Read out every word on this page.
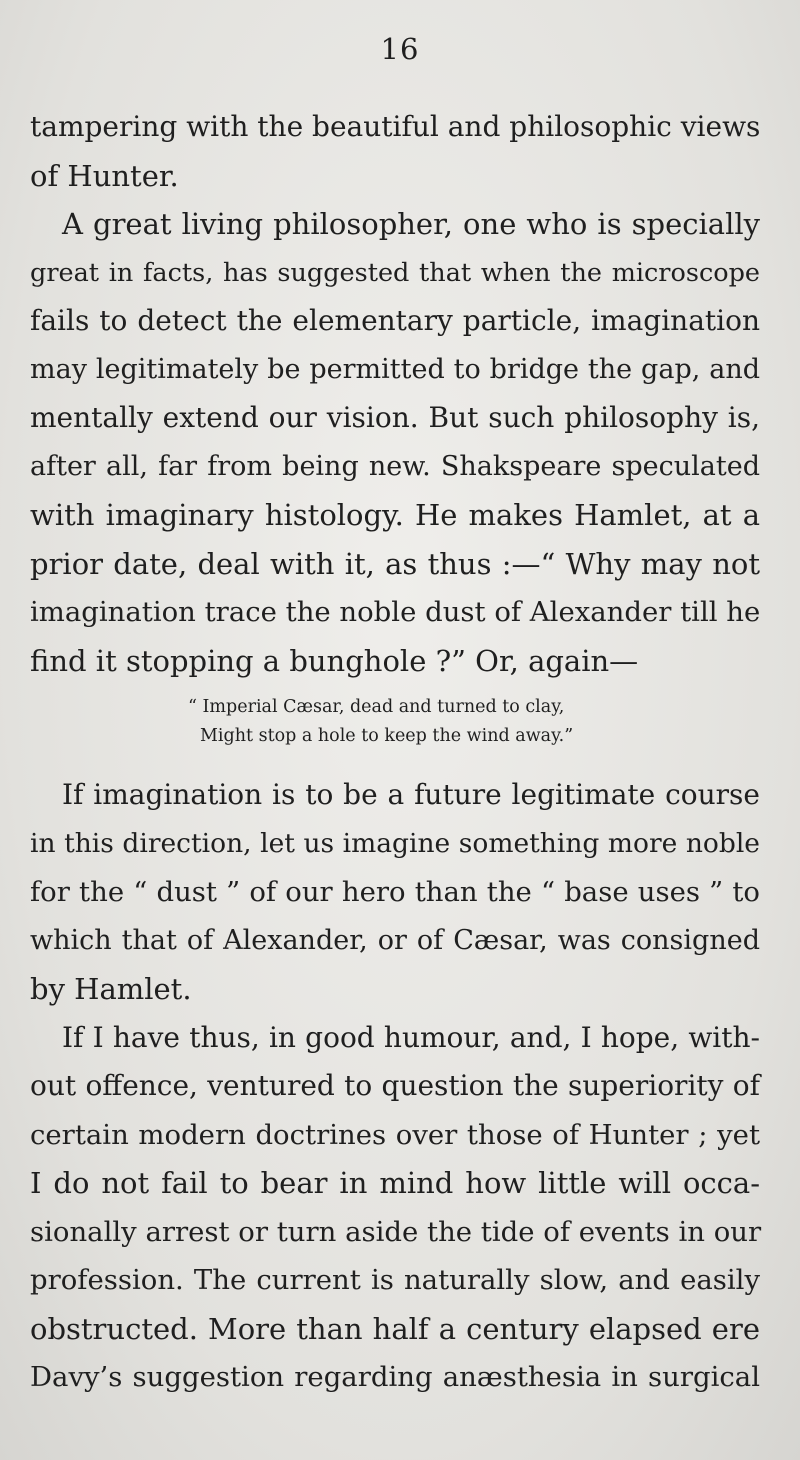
16
tampering with the beautiful and philosophic views
of Hunter.
A great living philosopher, one who is specially
great in facts, has suggested that when the microscope
fails to detect the elementary particle, imagination
may legitimately be permitted to bridge the gap, and
mentally extend our vision. But such philosophy is,
after all, far from being new. Shakspeare speculated
with imaginary histology. He makes Hamlet, at a
prior date, deal with it, as thus :—“ Why may not
imagination trace the noble dust of Alexander till he
find it stopping a bunghole ?” Or, again—
“ Imperial Cæsar, dead and turned to clay,
Might stop a hole to keep the wind away.”
If imagination is to be a future legitimate course
in this direction, let us imagine something more noble
for the “ dust ” of our hero than the “ base uses ” to
which that of Alexander, or of Cæsar, was consigned
by Hamlet.
If I have thus, in good humour, and, I hope, with-
out offence, ventured to question the superiority of
certain modern doctrines over those of Hunter ; yet
I do not fail to bear in mind how little will occa-
sionally arrest or turn aside the tide of events in our
profession. The current is naturally slow, and easily
obstructed. More than half a century elapsed ere
Davy’s suggestion regarding anæsthesia in surgical
